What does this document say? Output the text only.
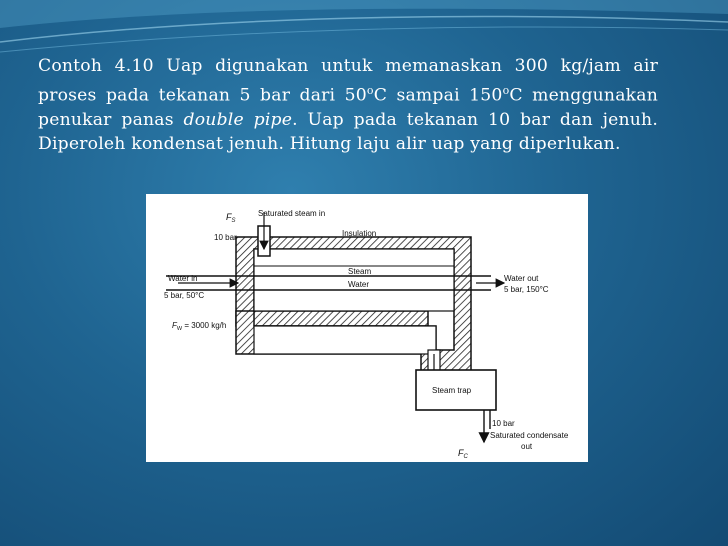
Contoh 4.10 Uap digunakan untuk memanaskan 300 kg/jam air proses pada tekanan 5 bar dari 50$^o$C sampai 150$^o$C menggunakan penukar panas double pipe. Uap pada tekanan 10 bar dan jenuh. Diperoleh kondensat jenuh. Hitung laju alir uap yang diperlukan.
Steam trap
$F_S$
Saturated steam in
10 bar	Insulation
Steam
Water
Water in
5 bar, 50°C
Water out
5 bar, 150°C
$F_W = 3000$ kg/h
10 bar
Saturated condensate
out
$F_C$
